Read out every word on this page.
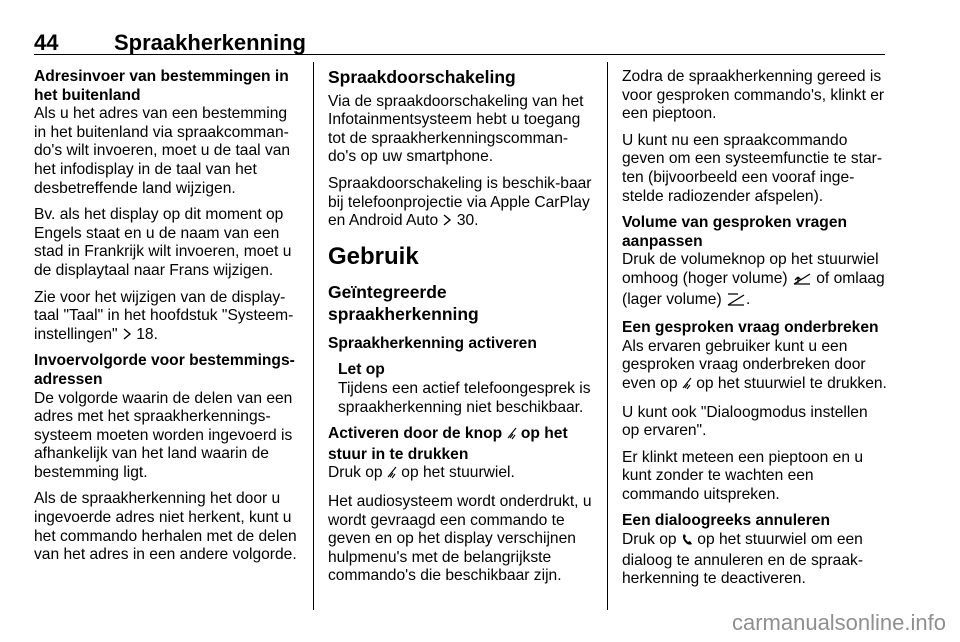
44	Spraakherkenning
Adresinvoer van bestemmingen in het buitenland

Als u het adres van een bestemming in het buitenland via spraakcomman-do's wilt invoeren, moet u de taal van het infodisplay in de taal van het desbetreffende land wijzigen.

Bv. als het display op dit moment op Engels staat en u de naam van een stad in Frankrijk wilt invoeren, moet u de displaytaal naar Frans wijzigen.

Zie voor het wijzigen van de display-taal "Taal" in het hoofdstuk "Systeem-instellingen" 18.

Invoervolgorde voor bestemmings-adressen

De volgorde waarin de delen van een adres met het spraakherkennings-systeem moeten worden ingevoerd is afhankelijk van het land waarin de bestemming ligt.

Als de spraakherkenning het door u ingevoerde adres niet herkent, kunt u het commando herhalen met de delen van het adres in een andere volgorde.

Spraakdoorschakeling

Via de spraakdoorschakeling van het Infotainmentsysteem hebt u toegang tot de spraakherkenningscomman-do's op uw smartphone.

Spraakdoorschakeling is beschik-baar bij telefoonprojectie via Apple CarPlay en Android Auto 30.

Gebruik
Geïntegreerde spraakherkenning

Spraakherkenning activeren

Let op

Tijdens een actief telefoongesprek is spraakherkenning niet beschikbaar.

Activeren door de knop op het stuur in te drukken

Druk op op het stuurwiel.

Het audiosysteem wordt onderdrukt, u wordt gevraagd een commando te geven en op het display verschijnen hulpmenu's met de belangrijkste commando's die beschikbaar zijn.

Zodra de spraakherkenning gereed is voor gesproken commando's, klinkt er een pieptoon.

U kunt nu een spraakcommando geven om een systeemfunctie te star-ten (bijvoorbeeld een vooraf inge-stelde radiozender afspelen).

Volume van gesproken vragen aanpassen

Druk de volumeknop op het stuurwiel omhoog (hoger volume) of omlaag (lager volume) .

Een gesproken vraag onderbreken

Als ervaren gebruiker kunt u een gesproken vraag onderbreken door even op op het stuurwiel te drukken.

U kunt ook "Dialoogmodus instellen op ervaren".

Er klinkt meteen een pieptoon en u kunt zonder te wachten een commando uitspreken.

Een dialoogreeks annuleren

Druk op op het stuurwiel om een dialoog te annuleren en de spraak-herkenning te deactiveren.

carmanualsonline.info
